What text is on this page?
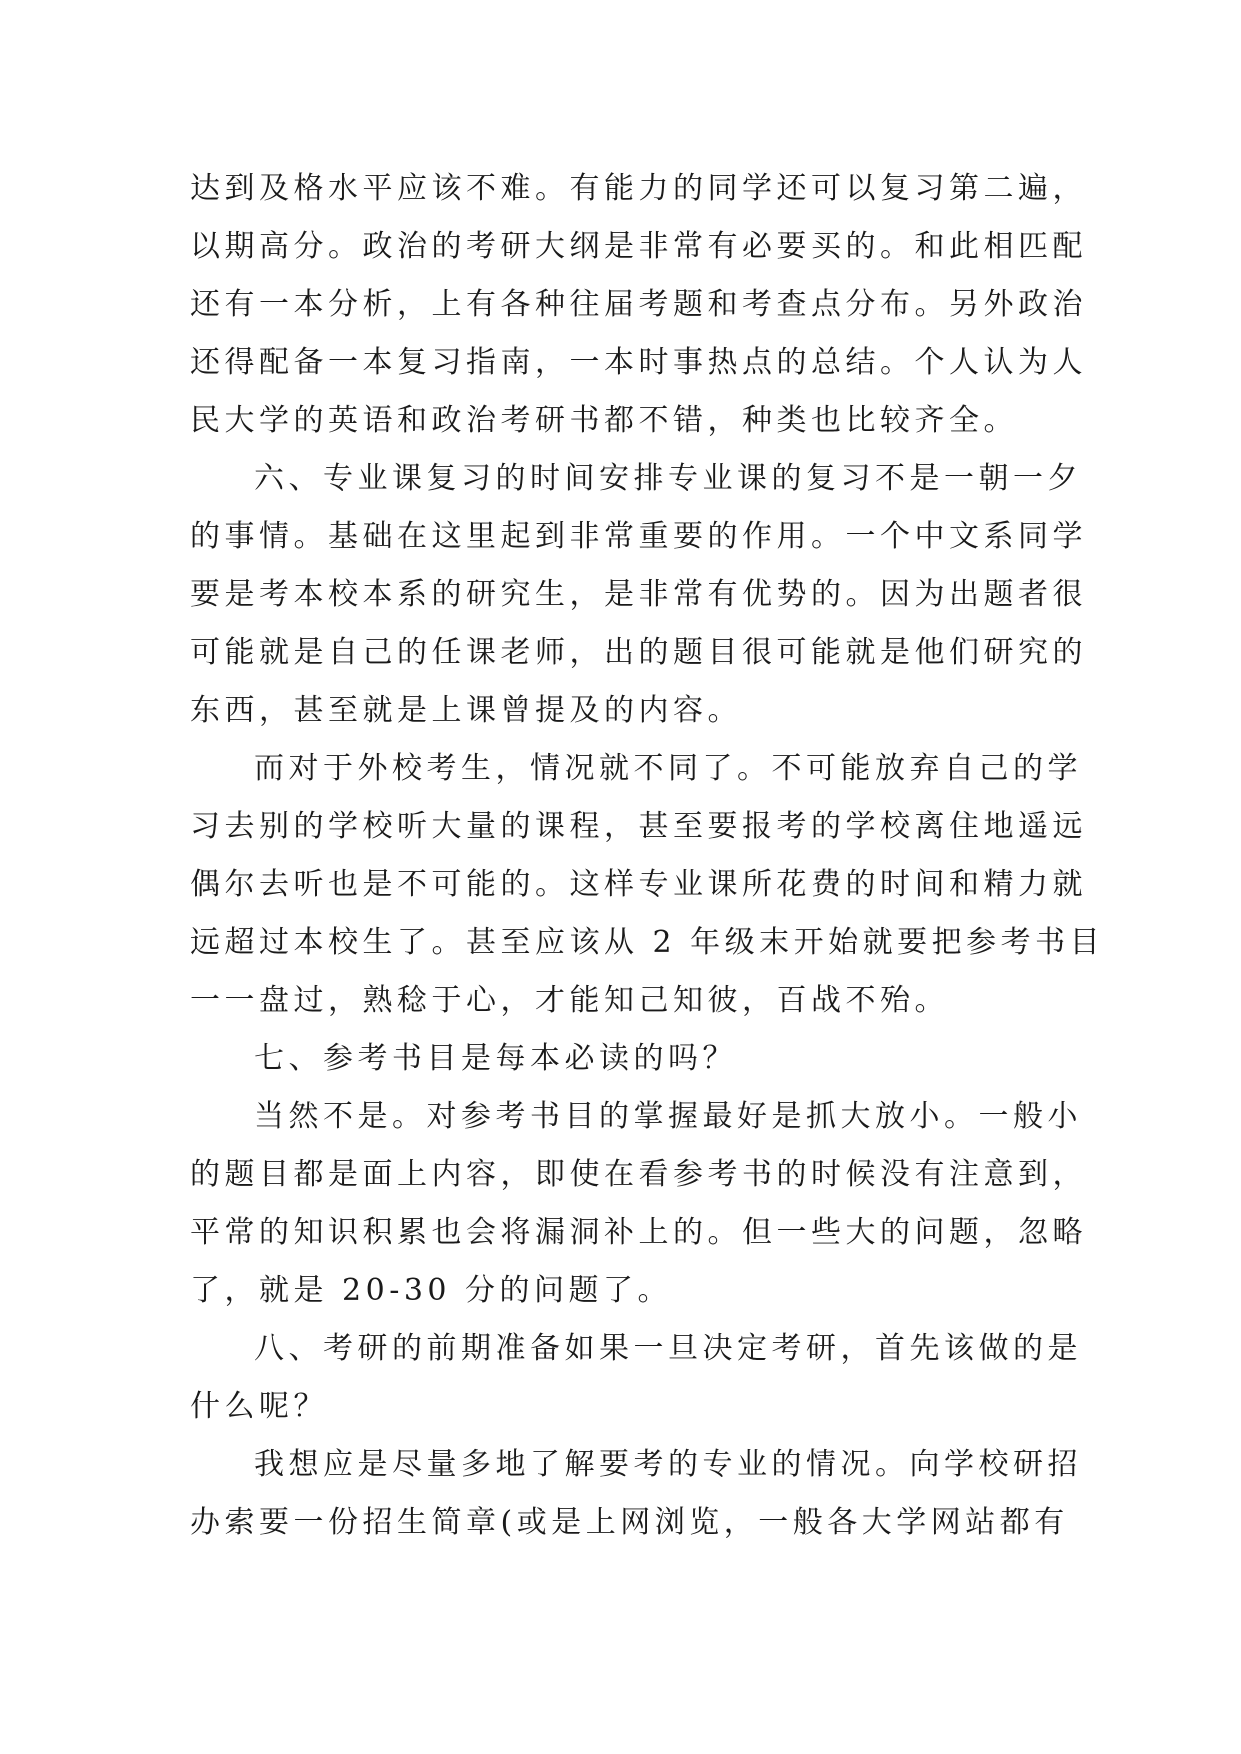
达到及格水平应该不难。有能力的同学还可以复习第二遍，
以期高分。政治的考研大纲是非常有必要买的。和此相匹配
还有一本分析，上有各种往届考题和考查点分布。另外政治
还得配备一本复习指南，一本时事热点的总结。个人认为人
民大学的英语和政治考研书都不错，种类也比较齐全。
六、专业课复习的时间安排专业课的复习不是一朝一夕
的事情。基础在这里起到非常重要的作用。一个中文系同学
要是考本校本系的研究生，是非常有优势的。因为出题者很
可能就是自己的任课老师，出的题目很可能就是他们研究的
东西，甚至就是上课曾提及的内容。
而对于外校考生，情况就不同了。不可能放弃自己的学
习去别的学校听大量的课程，甚至要报考的学校离住地遥远
偶尔去听也是不可能的。这样专业课所花费的时间和精力就
远超过本校生了。甚至应该从 2 年级末开始就要把参考书目
一一盘过，熟稔于心，才能知己知彼，百战不殆。
七、参考书目是每本必读的吗？
当然不是。对参考书目的掌握最好是抓大放小。一般小
的题目都是面上内容，即使在看参考书的时候没有注意到，
平常的知识积累也会将漏洞补上的。但一些大的问题，忽略
了，就是 20-30 分的问题了。
八、考研的前期准备如果一旦决定考研，首先该做的是
什么呢？
我想应是尽量多地了解要考的专业的情况。向学校研招
办索要一份招生简章(或是上网浏览，一般各大学网站都有
